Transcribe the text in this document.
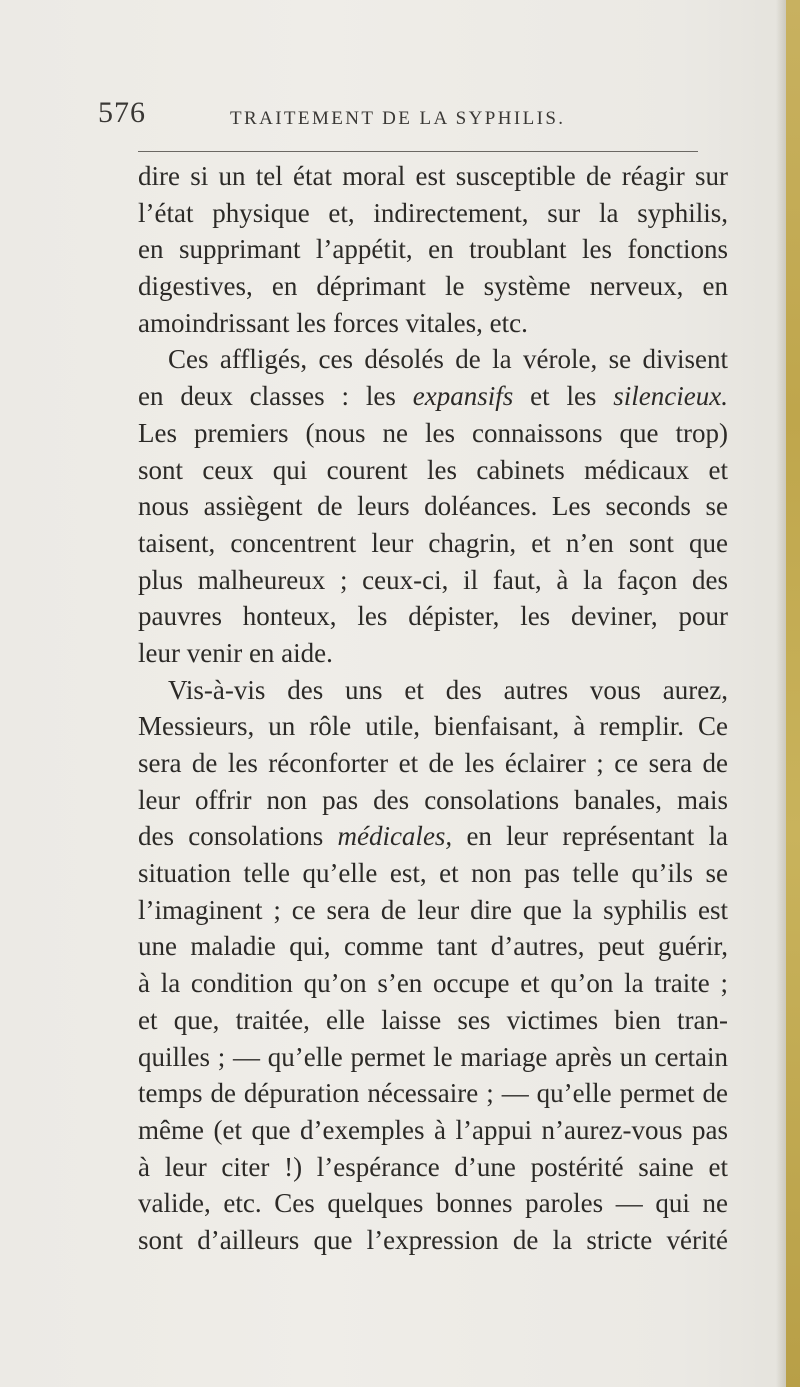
576	TRAITEMENT DE LA SYPHILIS.
dire si un tel état moral est susceptible de réagir sur
l’état physique et, indirectement, sur la syphilis,
en supprimant l’appétit, en troublant les fonctions
digestives, en déprimant le système nerveux, en
amoindrissant les forces vitales, etc.
Ces affligés, ces désolés de la vérole, se divisent
en deux classes : les expansifs et les silencieux.
Les premiers (nous ne les connaissons que trop)
sont ceux qui courent les cabinets médicaux et
nous assiègent de leurs doléances. Les seconds se
taisent, concentrent leur chagrin, et n’en sont que
plus malheureux ; ceux-ci, il faut, à la façon des
pauvres honteux, les dépister, les deviner, pour
leur venir en aide.
Vis-à-vis des uns et des autres vous aurez,
Messieurs, un rôle utile, bienfaisant, à remplir. Ce
sera de les réconforter et de les éclairer ; ce sera de
leur offrir non pas des consolations banales, mais
des consolations médicales, en leur représentant la
situation telle qu’elle est, et non pas telle qu’ils se
l’imaginent ; ce sera de leur dire que la syphilis est
une maladie qui, comme tant d’autres, peut guérir,
à la condition qu’on s’en occupe et qu’on la traite ;
et que, traitée, elle laisse ses victimes bien tran-
quilles ; — qu’elle permet le mariage après un certain
temps de dépuration nécessaire ; — qu’elle permet de
même (et que d’exemples à l’appui n’aurez-vous pas
à leur citer !) l’espérance d’une postérité saine et
valide, etc. Ces quelques bonnes paroles — qui ne
sont d’ailleurs que l’expression de la stricte vérité
